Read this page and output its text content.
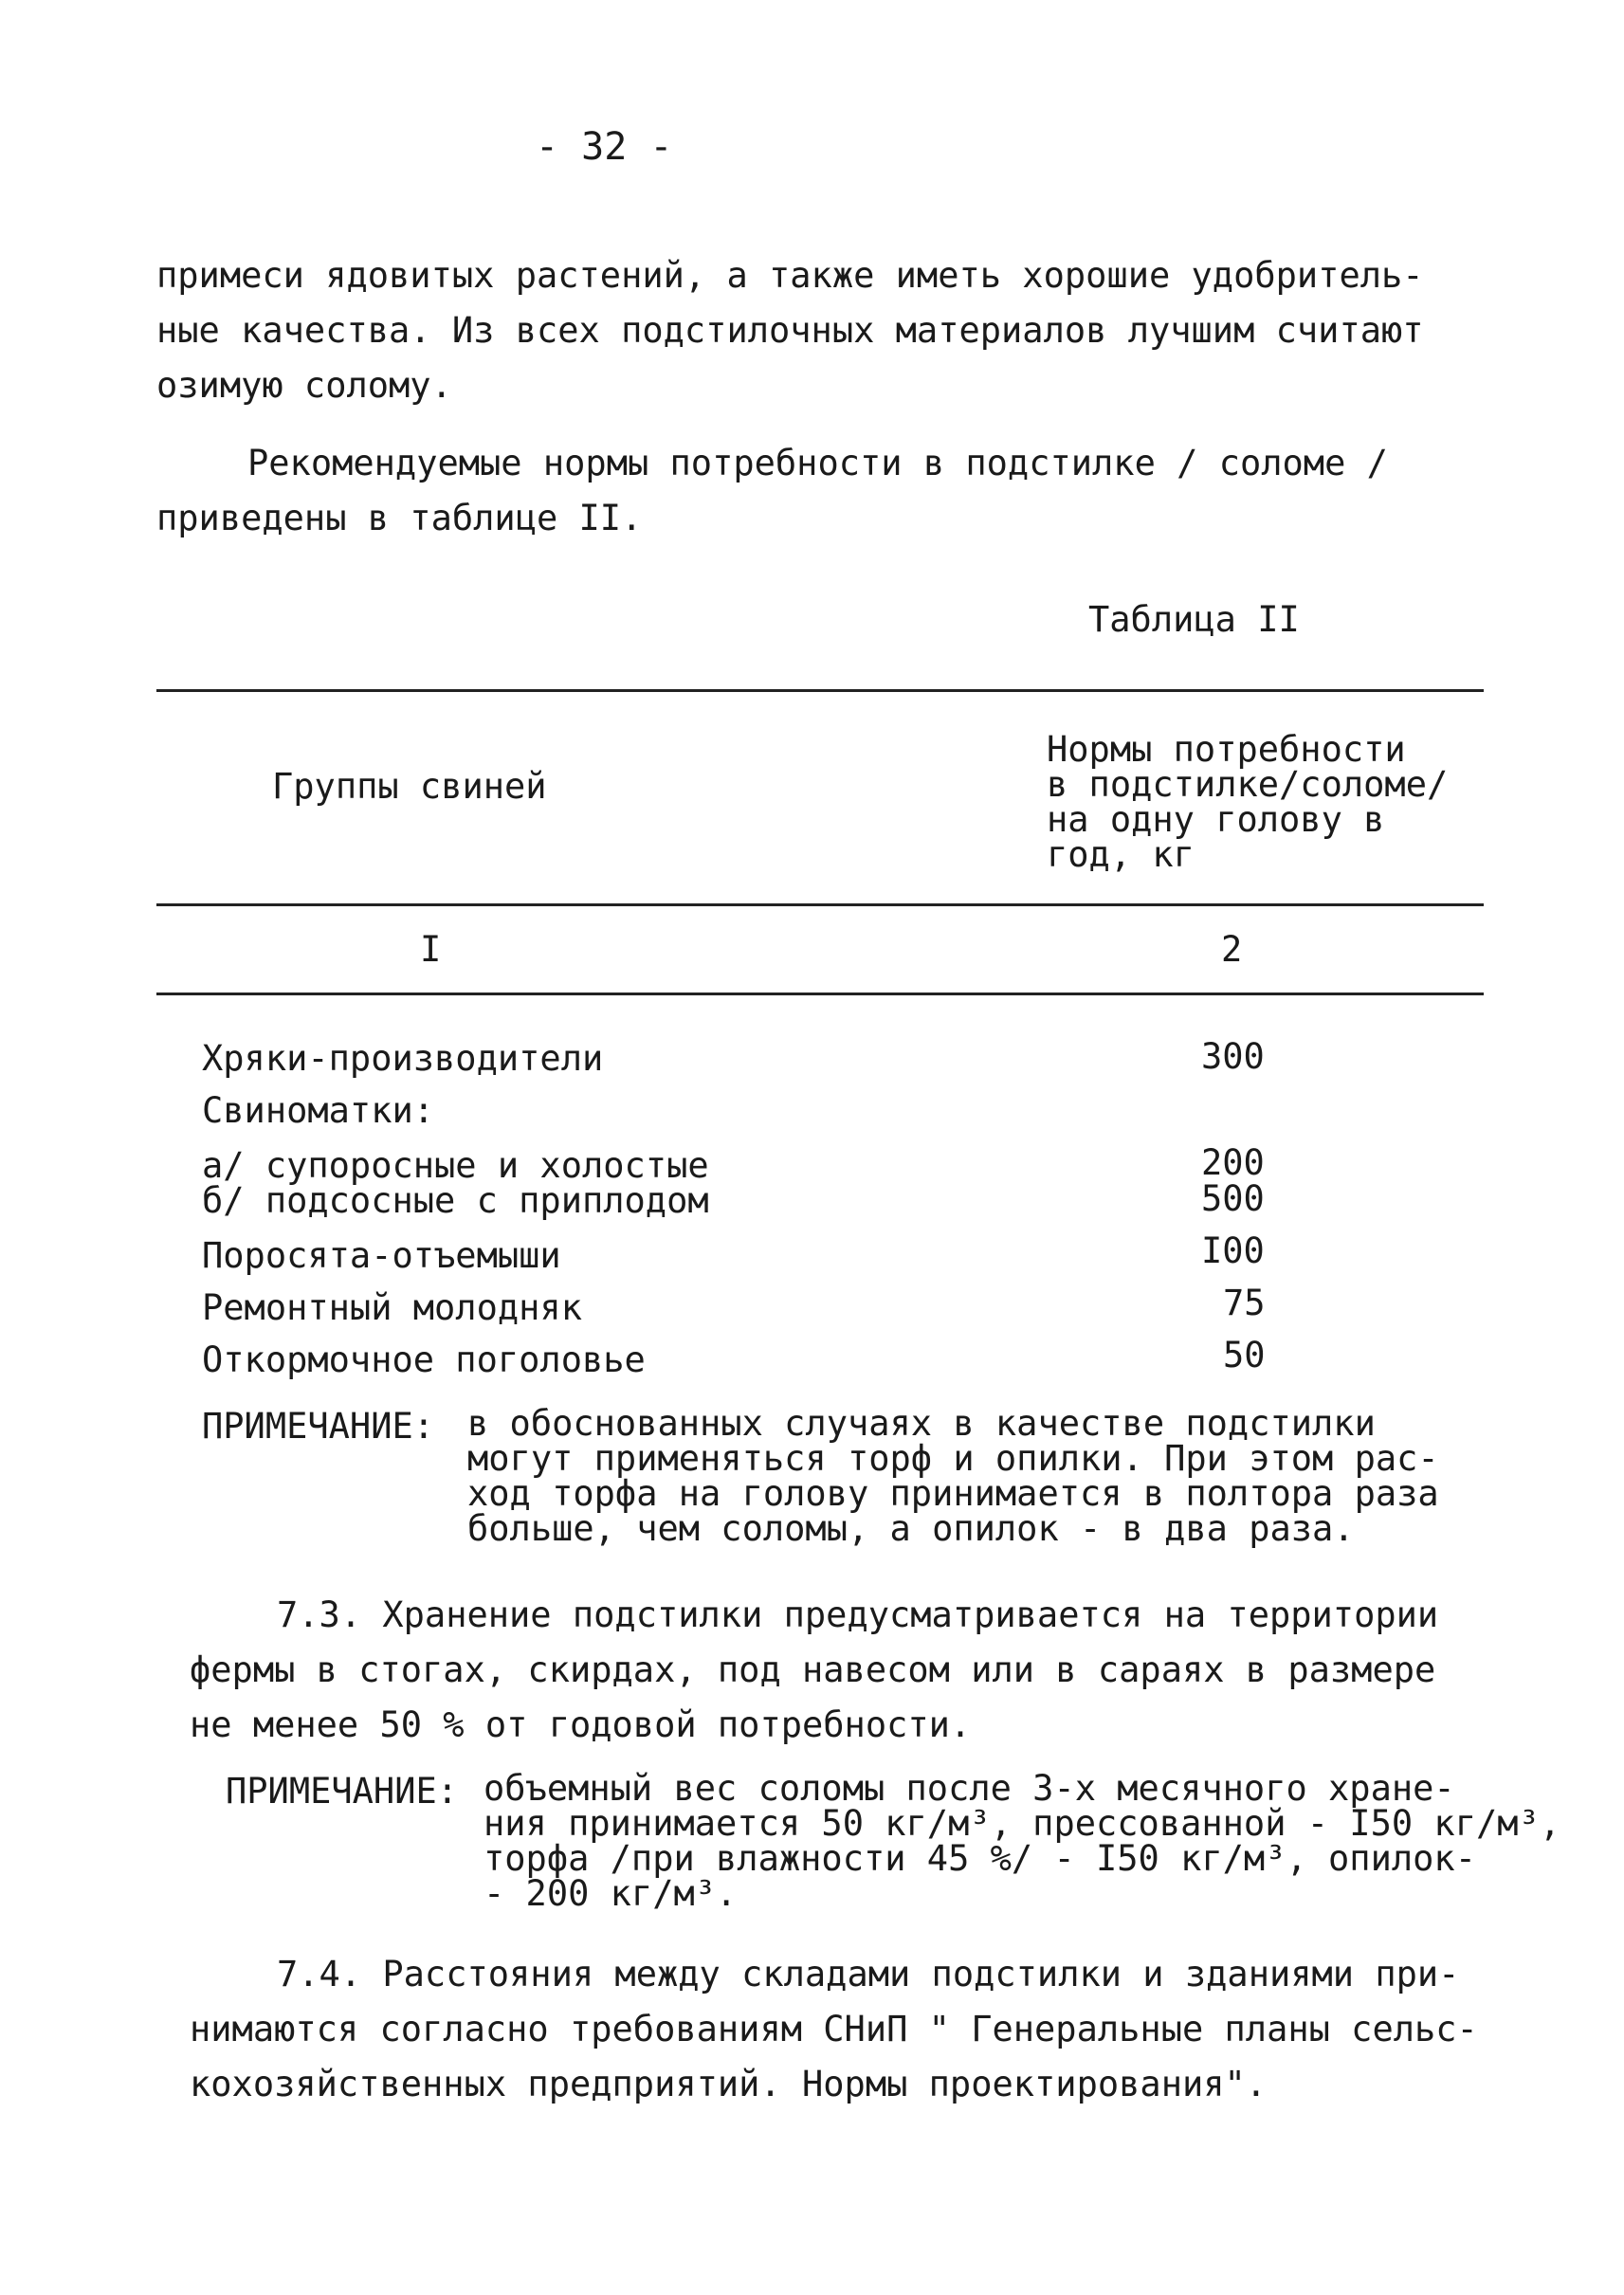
- 32 -
примеси ядовитых растений, а также иметь хорошие удобритель-
ные качества. Из всех подстилочных материалов лучшим считают
озимую солому.
Рекомендуемые нормы потребности в подстилке / соломе /
приведены в таблице II.
Таблица II
Группы свиней
Нормы потребности
в подстилке/соломе/
на одну голову в
год, кг
I	2
Хряки-производители	300
Свиноматки:
а/ супоросные и холостые	200
б/ подсосные с приплодом	500
Поросята-отъемыши	I00
Ремонтный молодняк	75
Откормочное поголовье	50
ПРИМЕЧАНИЕ: в обоснованных случаях в качестве подстилки
могут применяться торф и опилки. При этом рас-
ход торфа на голову принимается в полтора раза
больше, чем соломы, а опилок - в два раза.
7.3. Хранение подстилки предусматривается на территории
фермы в стогах, скирдах, под навесом или в сараях в размере
не менее 50 % от годовой потребности.
ПРИМЕЧАНИЕ: объемный вес соломы после 3-х месячного хране-
ния принимается 50 кг/м³, прессованной - I50 кг/м³,
торфа /при влажности 45 %/ - I50 кг/м³, опилок-
- 200 кг/м³.
7.4. Расстояния между складами подстилки и зданиями при-
нимаются согласно требованиям СНиП " Генеральные планы сельс-
кохозяйственных предприятий. Нормы проектирования".
